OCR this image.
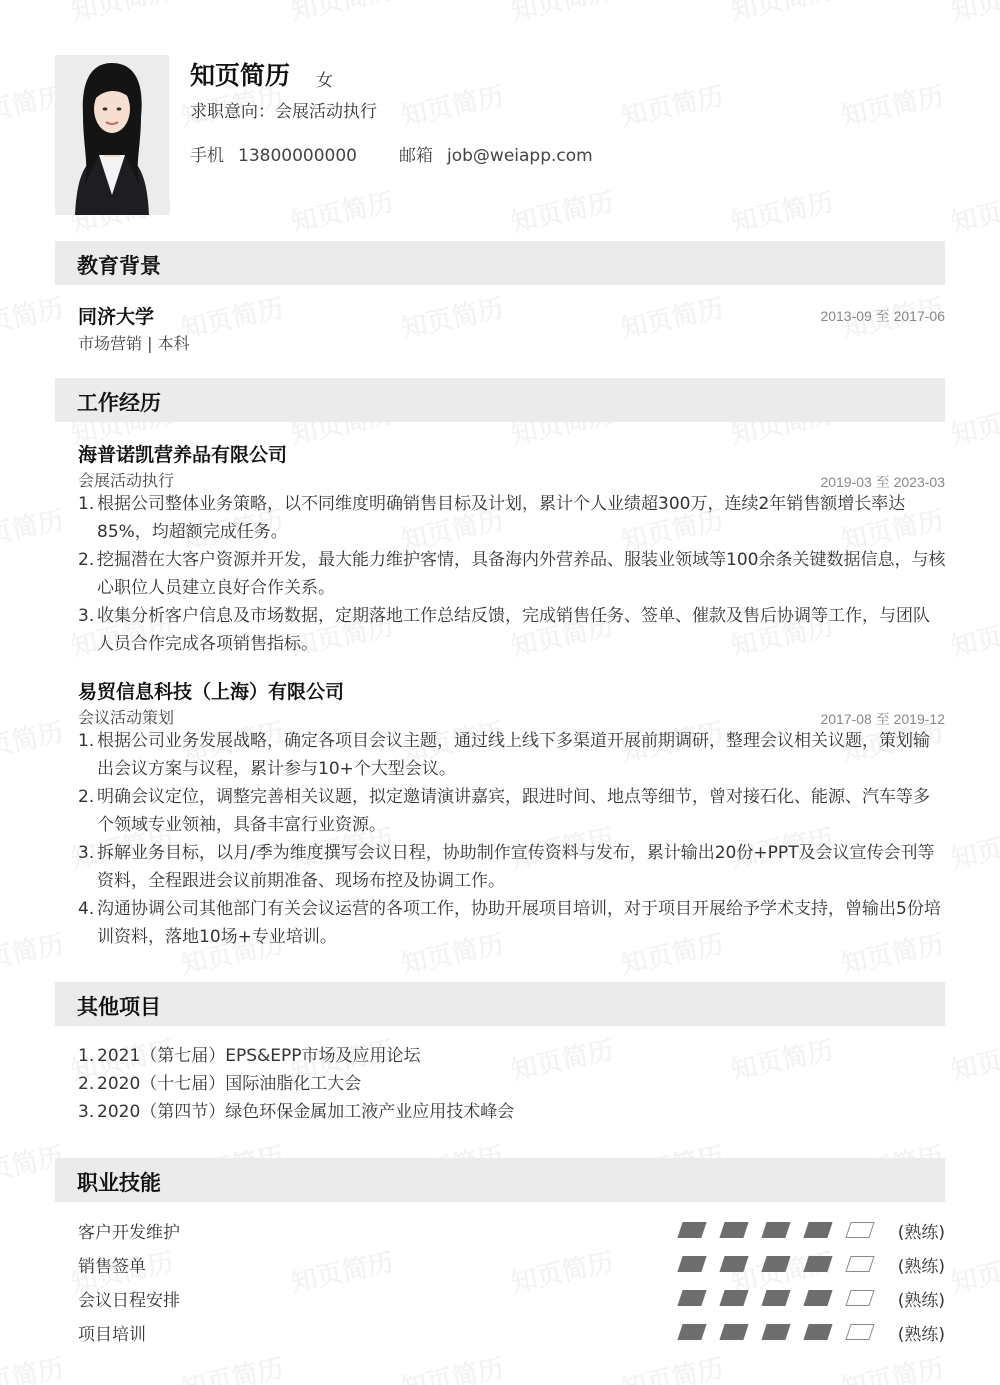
知页简历 女
求职意向：会展活动执行
手机 13800000000 邮箱 job@weiapp.com
教育背景
同济大学	2013-09 至 2017-06
市场营销 | 本科
工作经历
海普诺凯营养品有限公司
会展活动执行	2019-03 至 2023-03
1. 根据公司整体业务策略，以不同维度明确销售目标及计划，累计个人业绩超300万，连续2年销售额增长率达85%，均超额完成任务。
2. 挖掘潜在大客户资源并开发，最大能力维护客情，具备海内外营养品、服装业领域等100余条关键数据信息，与核心职位人员建立良好合作关系。
3. 收集分析客户信息及市场数据，定期落地工作总结反馈，完成销售任务、签单、催款及售后协调等工作，与团队人员合作完成各项销售指标。
易贸信息科技（上海）有限公司
会议活动策划	2017-08 至 2019-12
1. 根据公司业务发展战略，确定各项目会议主题，通过线上线下多渠道开展前期调研，整理会议相关议题，策划输出会议方案与议程，累计参与10+个大型会议。
2. 明确会议定位，调整完善相关议题，拟定邀请演讲嘉宾，跟进时间、地点等细节，曾对接石化、能源、汽车等多个领域专业领袖，具备丰富行业资源。
3. 拆解业务目标，以月/季为维度撰写会议日程，协助制作宣传资料与发布，累计输出20份+PPT及会议宣传会刊等资料，全程跟进会议前期准备、现场布控及协调工作。
4. 沟通协调公司其他部门有关会议运营的各项工作，协助开展项目培训，对于项目开展给予学术支持，曾输出5份培训资料，落地10场+专业培训。
其他项目
1. 2021（第七届）EPS&EPP市场及应用论坛
2. 2020（十七届）国际油脂化工大会
3. 2020（第四节）绿色环保金属加工液产业应用技术峰会
职业技能
客户开发维护	(熟练)
销售签单	(熟练)
会议日程安排	(熟练)
项目培训	(熟练)
